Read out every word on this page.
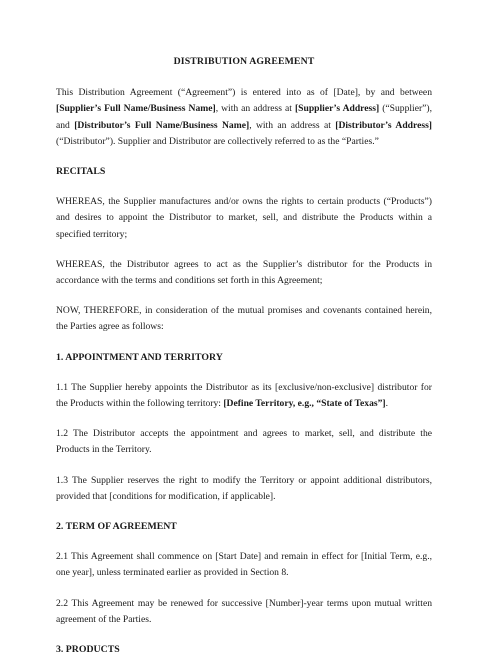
DISTRIBUTION AGREEMENT

This Distribution Agreement (“Agreement”) is entered into as of [Date], by and between [Supplier’s Full Name/Business Name], with an address at [Supplier’s Address] (“Supplier”), and [Distributor’s Full Name/Business Name], with an address at [Distributor’s Address] (“Distributor”). Supplier and Distributor are collectively referred to as the “Parties.”

RECITALS

WHEREAS, the Supplier manufactures and/or owns the rights to certain products (“Products”) and desires to appoint the Distributor to market, sell, and distribute the Products within a specified territory;

WHEREAS, the Distributor agrees to act as the Supplier’s distributor for the Products in accordance with the terms and conditions set forth in this Agreement;

NOW, THEREFORE, in consideration of the mutual promises and covenants contained herein, the Parties agree as follows:

1. APPOINTMENT AND TERRITORY

1.1 The Supplier hereby appoints the Distributor as its [exclusive/non-exclusive] distributor for the Products within the following territory: [Define Territory, e.g., “State of Texas”].

1.2 The Distributor accepts the appointment and agrees to market, sell, and distribute the Products in the Territory.

1.3 The Supplier reserves the right to modify the Territory or appoint additional distributors, provided that [conditions for modification, if applicable].

2. TERM OF AGREEMENT

2.1 This Agreement shall commence on [Start Date] and remain in effect for [Initial Term, e.g., one year], unless terminated earlier as provided in Section 8.

2.2 This Agreement may be renewed for successive [Number]-year terms upon mutual written agreement of the Parties.

3. PRODUCTS
